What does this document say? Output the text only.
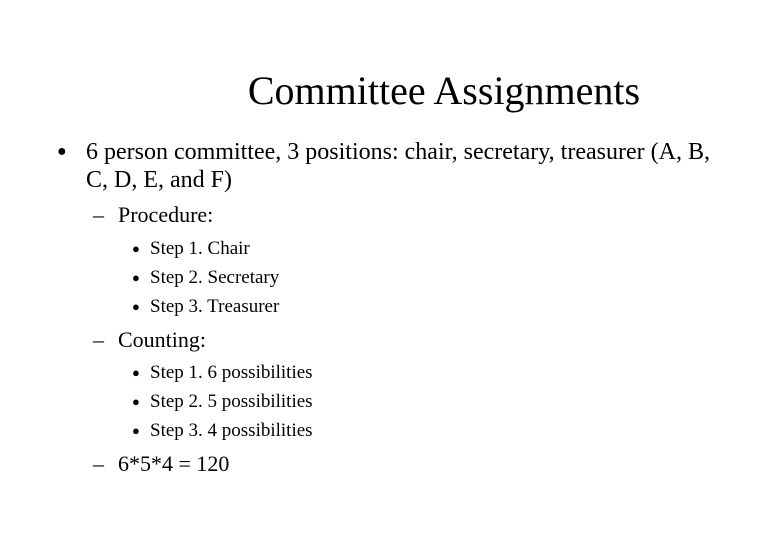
Committee Assignments
● 6 person committee, 3 positions: chair, secretary, treasurer (A, B, C, D, E, and F)
– Procedure:
● Step 1. Chair
● Step 2. Secretary
● Step 3. Treasurer
– Counting:
● Step 1. 6 possibilities
● Step 2. 5 possibilities
● Step 3. 4 possibilities
– 6*5*4 = 120
